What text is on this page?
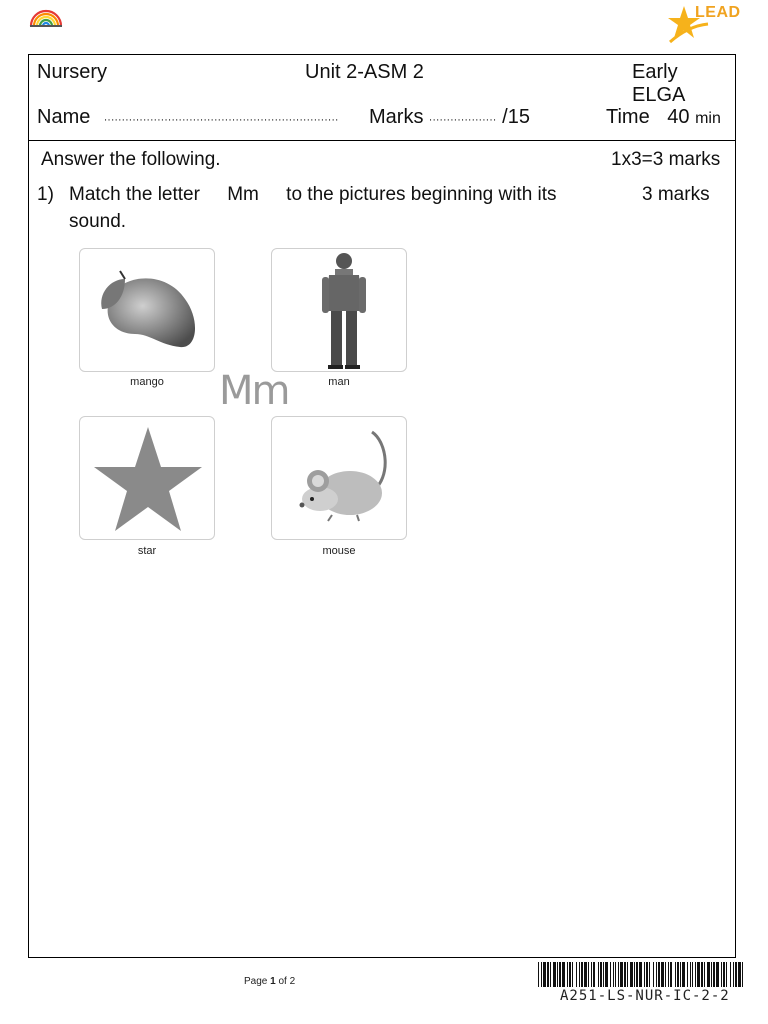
LEAD
Nursery	Unit 2-ASM 2	Early ELGA
Name .................................................................. Marks ................... /15	Time 40 min
Answer the following.	1x3=3 marks
1) Match the letter Mm to the pictures beginning with its
sound.
3 marks
mango	man
Mm
star	mouse
Page 1 of 2
A251-LS-NUR-IC-2-2
